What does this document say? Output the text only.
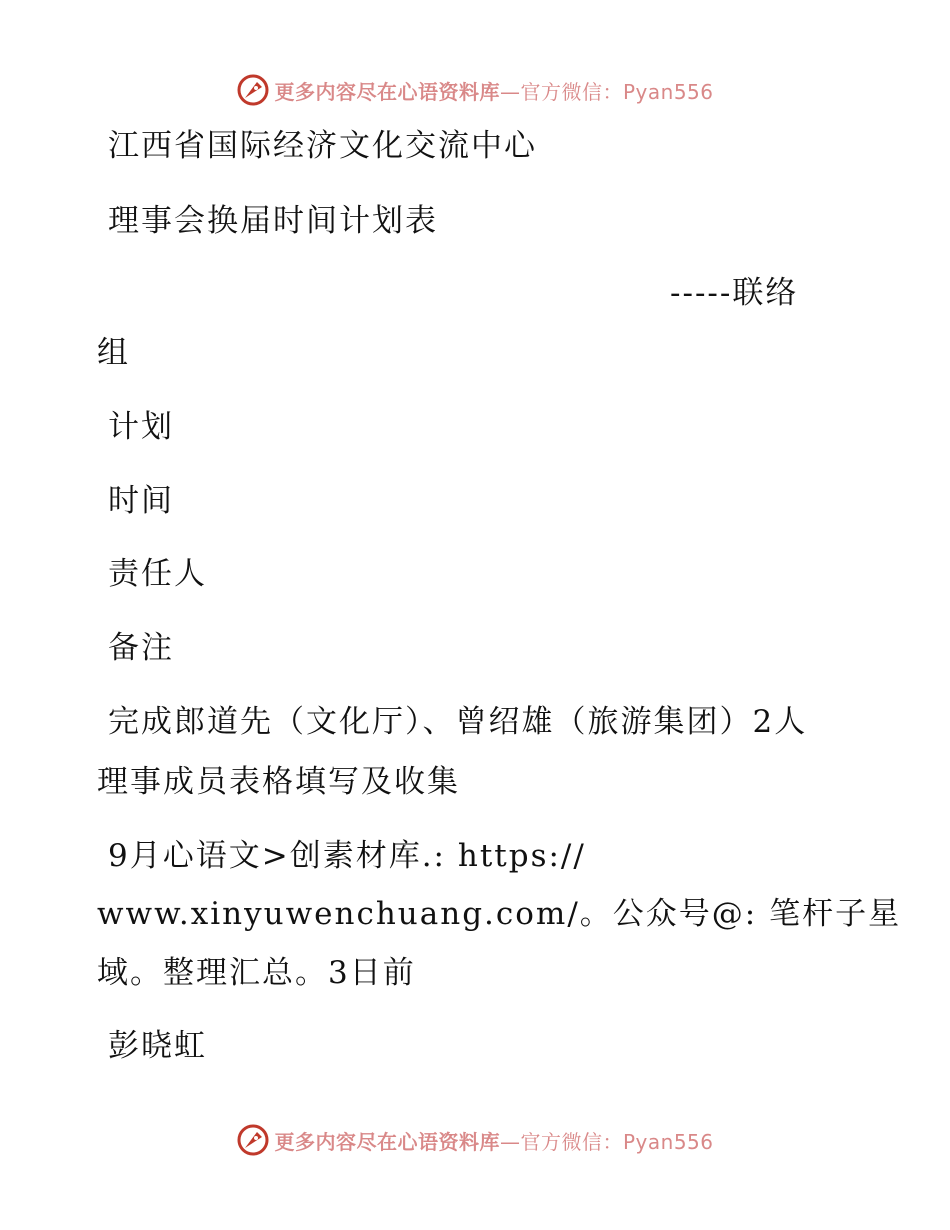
更多内容尽在心语资料库—官方微信：Pyan556
江西省国际经济文化交流中心
理事会换届时间计划表
-----联络
组
计划
时间
责任人
备注
完成郎道先（文化厅）、曾绍雄（旅游集团）2人
理事成员表格填写及收集
9月心语文>创素材库.: https://
www.xinyuwenchuang.com/。公众号@: 笔杆子星
域。整理汇总。3日前
彭晓虹
更多内容尽在心语资料库—官方微信：Pyan556
